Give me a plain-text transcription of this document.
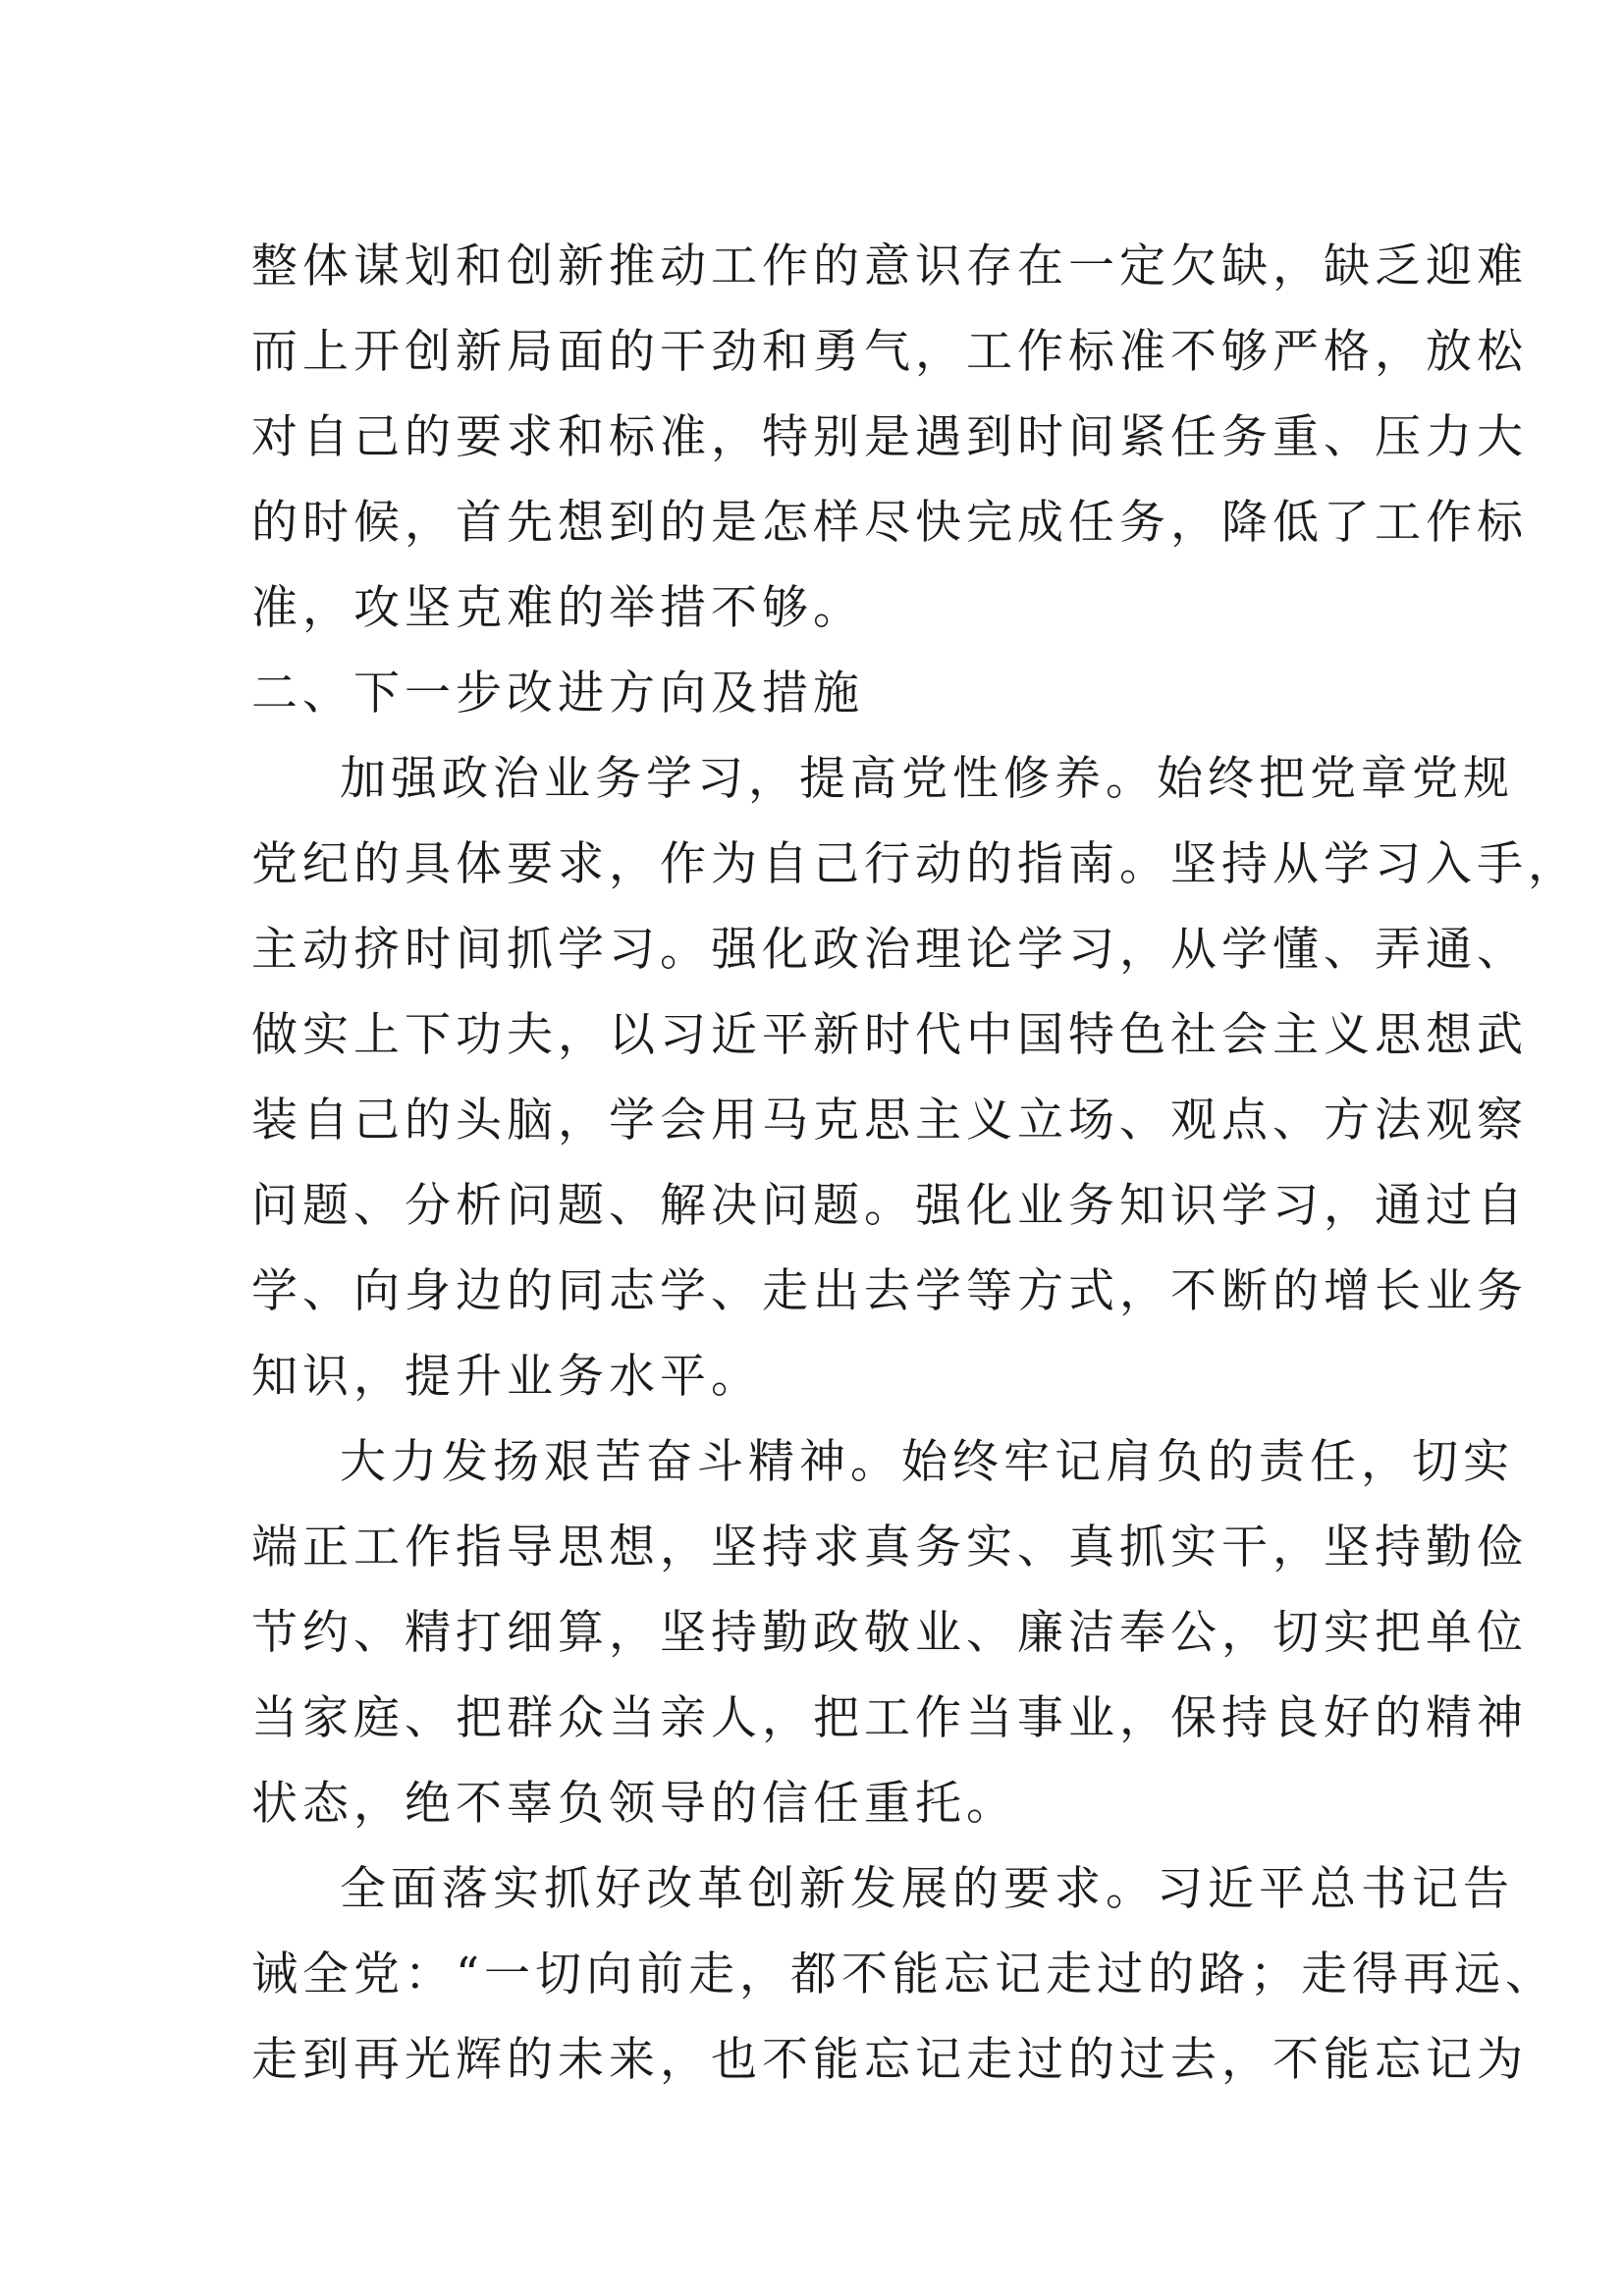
整体谋划和创新推动工作的意识存在一定欠缺，缺乏迎难

而上开创新局面的干劲和勇气，工作标准不够严格，放松

对自己的要求和标准，特别是遇到时间紧任务重、压力大

的时候，首先想到的是怎样尽快完成任务，降低了工作标

准，攻坚克难的举措不够。

二、下一步改进方向及措施

加强政治业务学习，提高党性修养。始终把党章党规

党纪的具体要求，作为自己行动的指南。坚持从学习入手，

主动挤时间抓学习。强化政治理论学习，从学懂、弄通、

做实上下功夫，以习近平新时代中国特色社会主义思想武

装自己的头脑，学会用马克思主义立场、观点、方法观察

问题、分析问题、解决问题。强化业务知识学习，通过自

学、向身边的同志学、走出去学等方式，不断的增长业务

知识，提升业务水平。

大力发扬艰苦奋斗精神。始终牢记肩负的责任，切实

端正工作指导思想，坚持求真务实、真抓实干，坚持勤俭

节约、精打细算，坚持勤政敬业、廉洁奉公，切实把单位

当家庭、把群众当亲人，把工作当事业，保持良好的精神

状态，绝不辜负领导的信任重托。

全面落实抓好改革创新发展的要求。习近平总书记告

诫全党：“一切向前走，都不能忘记走过的路；走得再远、

走到再光辉的未来，也不能忘记走过的过去，不能忘记为
